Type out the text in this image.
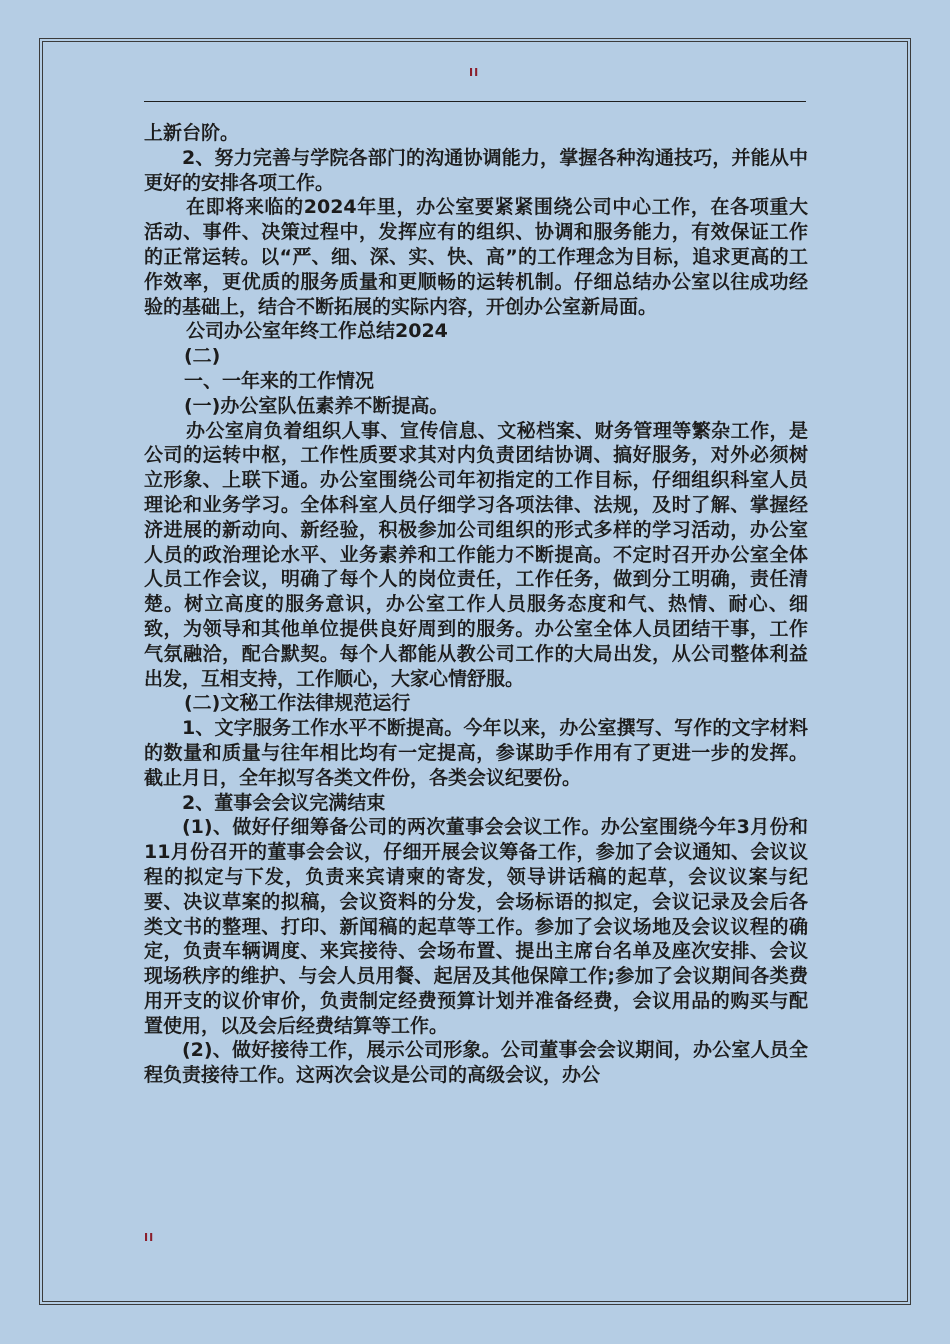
II

上新台阶。

2、努力完善与学院各部门的沟通协调能力，掌握各种沟通技巧，并能从中更好的安排各项工作。

在即将来临的2024年里，办公室要紧紧围绕公司中心工作，在各项重大活动、事件、决策过程中，发挥应有的组织、协调和服务能力，有效保证工作的正常运转。以“严、细、深、实、快、高”的工作理念为目标，追求更高的工作效率，更优质的服务质量和更顺畅的运转机制。仔细总结办公室以往成功经验的基础上，结合不断拓展的实际内容，开创办公室新局面。

公司办公室年终工作总结2024

(二)

一、一年来的工作情况

(一)办公室队伍素养不断提高。

办公室肩负着组织人事、宣传信息、文秘档案、财务管理等繁杂工作，是公司的运转中枢，工作性质要求其对内负责团结协调、搞好服务，对外必须树立形象、上联下通。办公室围绕公司年初指定的工作目标，仔细组织科室人员理论和业务学习。全体科室人员仔细学习各项法律、法规，及时了解、掌握经济进展的新动向、新经验，积极参加公司组织的形式多样的学习活动，办公室人员的政治理论水平、业务素养和工作能力不断提高。不定时召开办公室全体人员工作会议，明确了每个人的岗位责任，工作任务，做到分工明确，责任清楚。树立高度的服务意识，办公室工作人员服务态度和气、热情、耐心、细致，为领导和其他单位提供良好周到的服务。办公室全体人员团结干事，工作气氛融洽，配合默契。每个人都能从教公司工作的大局出发，从公司整体利益出发，互相支持，工作顺心，大家心情舒服。

(二)文秘工作法律规范运行

1、文字服务工作水平不断提高。今年以来，办公室撰写、写作的文字材料的数量和质量与往年相比均有一定提高，参谋助手作用有了更进一步的发挥。截止月日，全年拟写各类文件份，各类会议纪要份。

2、董事会会议完满结束

(1)、做好仔细筹备公司的两次董事会会议工作。办公室围绕今年3月份和11月份召开的董事会会议，仔细开展会议筹备工作，参加了会议通知、会议议程的拟定与下发，负责来宾请柬的寄发，领导讲话稿的起草，会议议案与纪要、决议草案的拟稿，会议资料的分发，会场标语的拟定，会议记录及会后各类文书的整理、打印、新闻稿的起草等工作。参加了会议场地及会议议程的确定，负责车辆调度、来宾接待、会场布置、提出主席台名单及座次安排、会议现场秩序的维护、与会人员用餐、起居及其他保障工作;参加了会议期间各类费用开支的议价审价，负责制定经费预算计划并准备经费，会议用品的购买与配置使用，以及会后经费结算等工作。

(2)、做好接待工作，展示公司形象。公司董事会会议期间，办公室人员全程负责接待工作。这两次会议是公司的高级会议，办公

II
